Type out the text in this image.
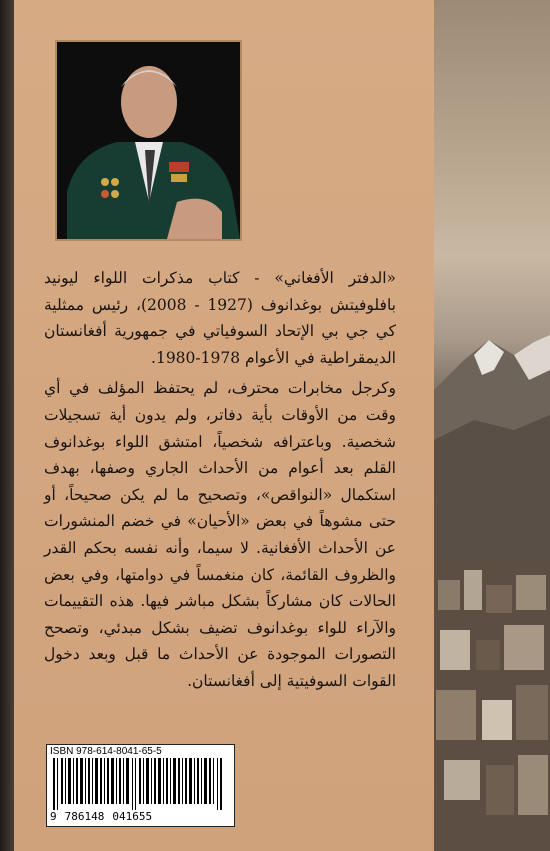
«الدفتر الأفغاني» - كتاب مذكرات اللواء ليونيد بافلوفيتش بوغدانوف (1927 - 2008)، رئيس ممثلية كي جي بي الإتحاد السوفياتي في جمهورية أفغانستان الديمقراطية في الأعوام 1978-1980.

وكرجل مخابرات محترف، لم يحتفظ المؤلف في أي وقت من الأوقات بأية دفاتر، ولم يدون أية تسجيلات شخصية. وباعترافه شخصياً، امتشق اللواء بوغدانوف القلم بعد أعوام من الأحداث الجاري وصفها، بهدف استكمال «النواقص»، وتصحيح ما لم يكن صحيحاً، أو حتى مشوهاً في بعض «الأحيان» في خضم المنشورات عن الأحداث الأفغانية. لا سيما، وأنه نفسه بحكم القدر والظروف القائمة، كان منغمساً في دوامتها، وفي بعض الحالات كان مشاركاً بشكل مباشر فيها. هذه التقييمات والآراء للواء بوغدانوف تضيف بشكل مبدئي، وتصحح التصورات الموجودة عن الأحداث ما قبل وبعد دخول القوات السوفيتية إلى أفغانستان.

ISBN 978-614-8041-65-5
9 786148 041655
